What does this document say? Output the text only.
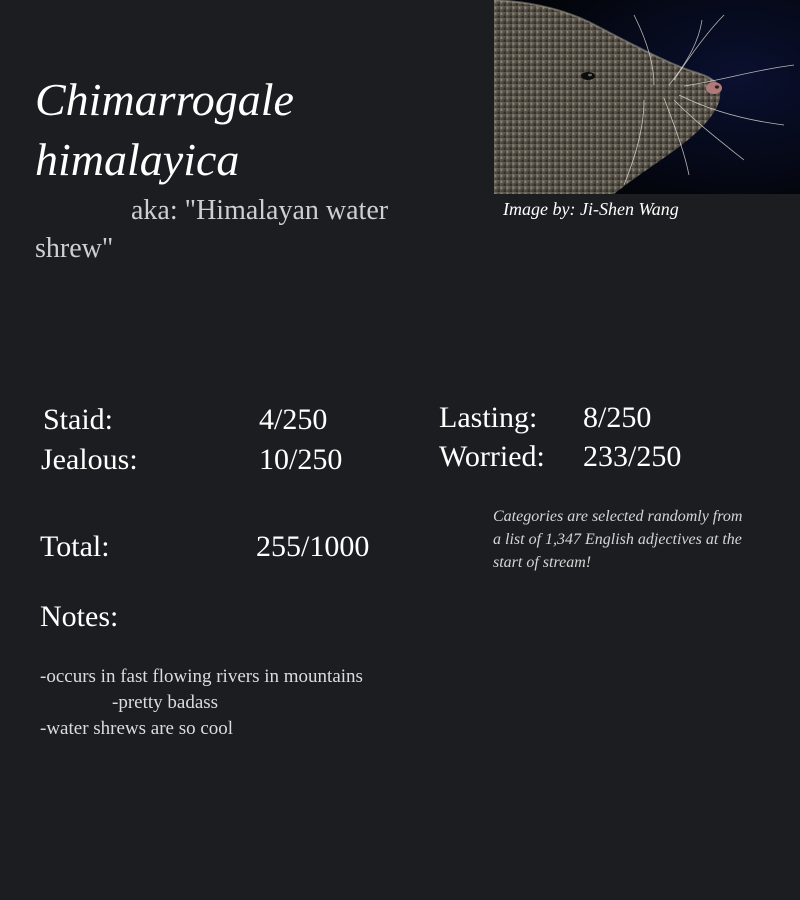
Chimarrogale himalayica
aka: "Himalayan water shrew"
Image by: Ji-Shen Wang
Staid:	4/250
Jealous:	10/250
Lasting: 8/250
Worried: 233/250
Total:	255/1000
Categories are selected randomly from a list of 1,347 English adjectives at the start of stream!
Notes:
-occurs in fast flowing rivers in mountains
-pretty badass
-water shrews are so cool
